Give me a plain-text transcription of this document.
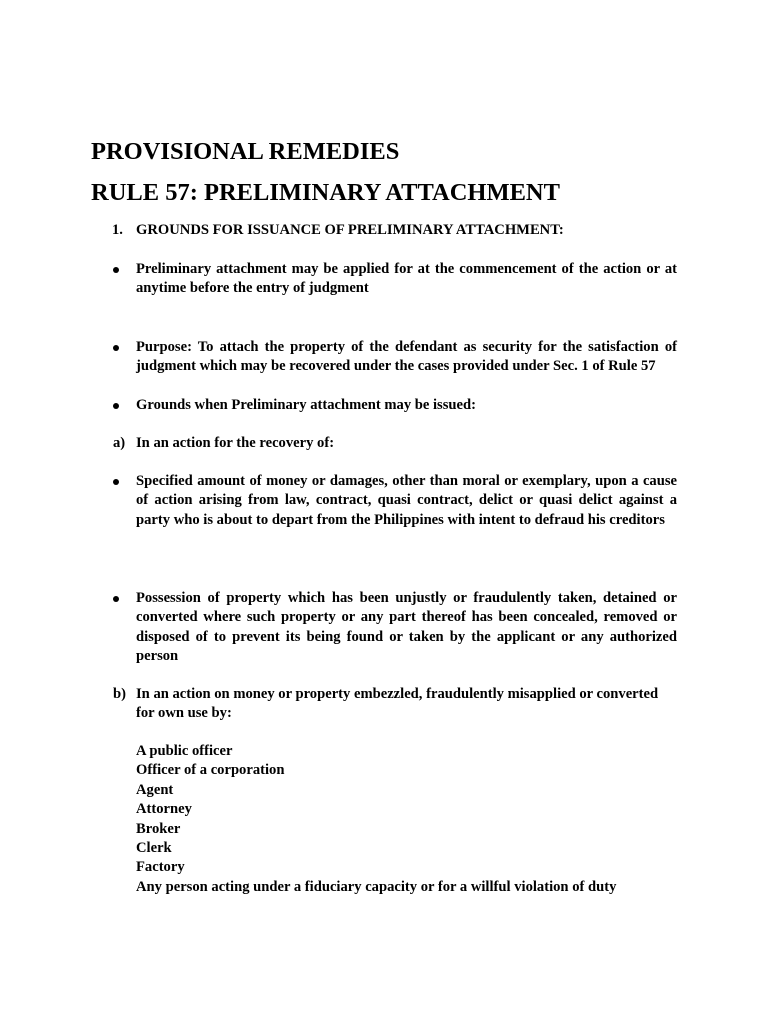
PROVISIONAL REMEDIES
RULE 57: PRELIMINARY ATTACHMENT
1. GROUNDS FOR ISSUANCE OF PRELIMINARY ATTACHMENT:
Preliminary attachment may be applied for at the commencement of the action or at anytime before the entry of judgment
Purpose: To attach the property of the defendant as security for the satisfaction of judgment which may be recovered under the cases provided under Sec. 1 of Rule 57
Grounds when Preliminary attachment may be issued:
a) In an action for the recovery of:
Specified amount of money or damages, other than moral or exemplary, upon a cause of action arising from law, contract, quasi contract, delict or quasi delict against a party who is about to depart from the Philippines with intent to defraud his creditors
Possession of property which has been unjustly or fraudulently taken, detained or converted where such property or any part thereof has been concealed, removed or disposed of to prevent its being found or taken by the applicant or any authorized person
b) In an action on money or property embezzled, fraudulently misapplied or converted for own use by:
A public officer
Officer of a corporation
Agent
Attorney
Broker
Clerk
Factory
Any person acting under a fiduciary capacity or for a willful violation of duty
